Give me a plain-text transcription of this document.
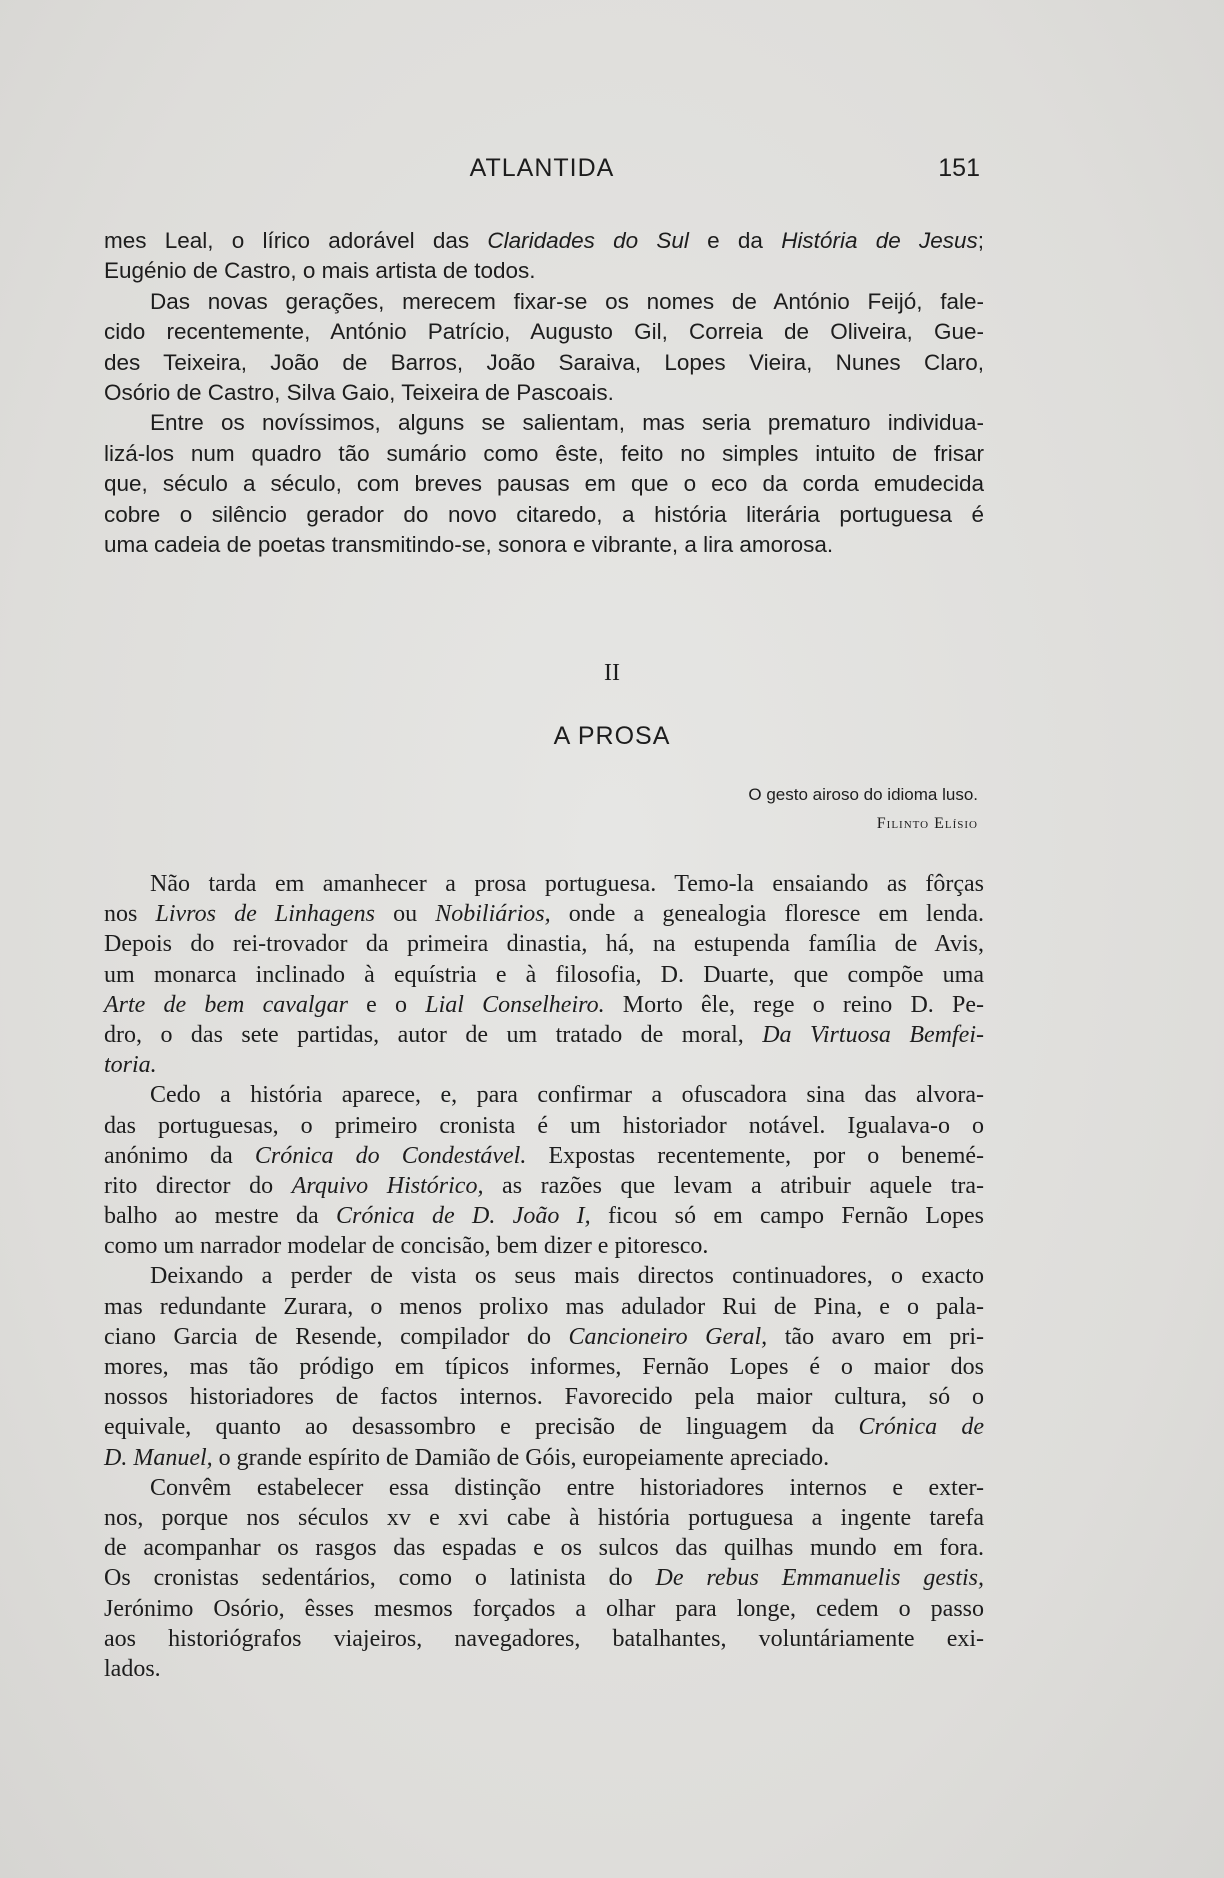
ATLANTIDA	151
mes Leal, o lírico adorável das Claridades do Sul e da História de Jesus;
Eugénio de Castro, o mais artista de todos.
Das novas gerações, merecem fixar-se os nomes de António Feijó, fale-
cido recentemente, António Patrício, Augusto Gil, Correia de Oliveira, Gue-
des Teixeira, João de Barros, João Saraiva, Lopes Vieira, Nunes Claro,
Osório de Castro, Silva Gaio, Teixeira de Pascoais.
Entre os novíssimos, alguns se salientam, mas seria prematuro individua-
lizá-los num quadro tão sumário como êste, feito no simples intuito de frisar
que, século a século, com breves pausas em que o eco da corda emudecida
cobre o silêncio gerador do novo citaredo, a história literária portuguesa é
uma cadeia de poetas transmitindo-se, sonora e vibrante, a lira amorosa.
II
A PROSA
O gesto airoso do idioma luso.
Filinto Elísio
Não tarda em amanhecer a prosa portuguesa. Temo-la ensaiando as fôrças
nos Livros de Linhagens ou Nobiliários, onde a genealogia floresce em lenda.
Depois do rei-trovador da primeira dinastia, há, na estupenda família de Avis,
um monarca inclinado à equístria e à filosofia, D. Duarte, que compõe uma
Arte de bem cavalgar e o Lial Conselheiro. Morto êle, rege o reino D. Pe-
dro, o das sete partidas, autor de um tratado de moral, Da Virtuosa Bemfei-
toria.
Cedo a história aparece, e, para confirmar a ofuscadora sina das alvora-
das portuguesas, o primeiro cronista é um historiador notável. Igualava-o o
anónimo da Crónica do Condestável. Expostas recentemente, por o benemé-
rito director do Arquivo Histórico, as razões que levam a atribuir aquele tra-
balho ao mestre da Crónica de D. João I, ficou só em campo Fernão Lopes
como um narrador modelar de concisão, bem dizer e pitoresco.
Deixando a perder de vista os seus mais directos continuadores, o exacto
mas redundante Zurara, o menos prolixo mas adulador Rui de Pina, e o pala-
ciano Garcia de Resende, compilador do Cancioneiro Geral, tão avaro em pri-
mores, mas tão pródigo em típicos informes, Fernão Lopes é o maior dos
nossos historiadores de factos internos. Favorecido pela maior cultura, só o
equivale, quanto ao desassombro e precisão de linguagem da Crónica de
D. Manuel, o grande espírito de Damião de Góis, europeiamente apreciado.
Convêm estabelecer essa distinção entre historiadores internos e exter-
nos, porque nos séculos xv e xvi cabe à história portuguesa a ingente tarefa
de acompanhar os rasgos das espadas e os sulcos das quilhas mundo em fora.
Os cronistas sedentários, como o latinista do De rebus Emmanuelis gestis,
Jerónimo Osório, êsses mesmos forçados a olhar para longe, cedem o passo
aos historiógrafos viajeiros, navegadores, batalhantes, voluntáriamente exi-
lados.
